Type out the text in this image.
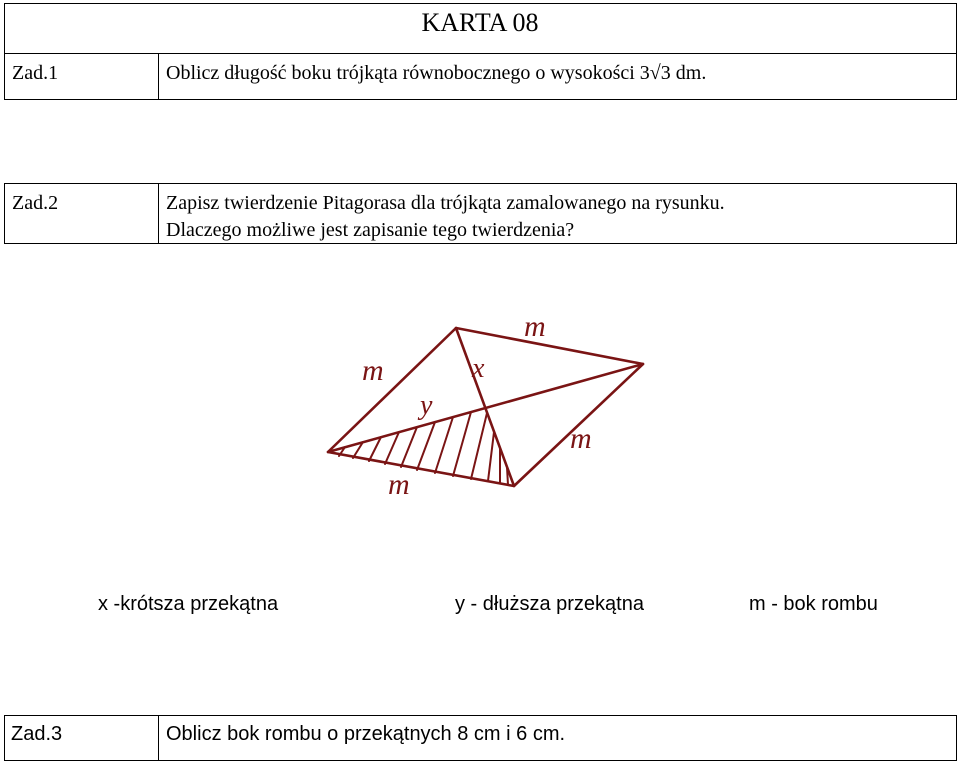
KARTA 08
Zad.1	Oblicz długość boku trójkąta równobocznego o wysokości 3√3 dm.
Zad.2	Zapisz twierdzenie Pitagorasa dla trójkąta zamalowanego na rysunku.
Dlaczego możliwe jest zapisanie tego twierdzenia?
x
y
m
m
m
m
x -krótsza przekątna	y - dłuższa przekątna	m - bok rombu
Zad.3	Oblicz bok rombu o przekątnych 8 cm i 6 cm.
